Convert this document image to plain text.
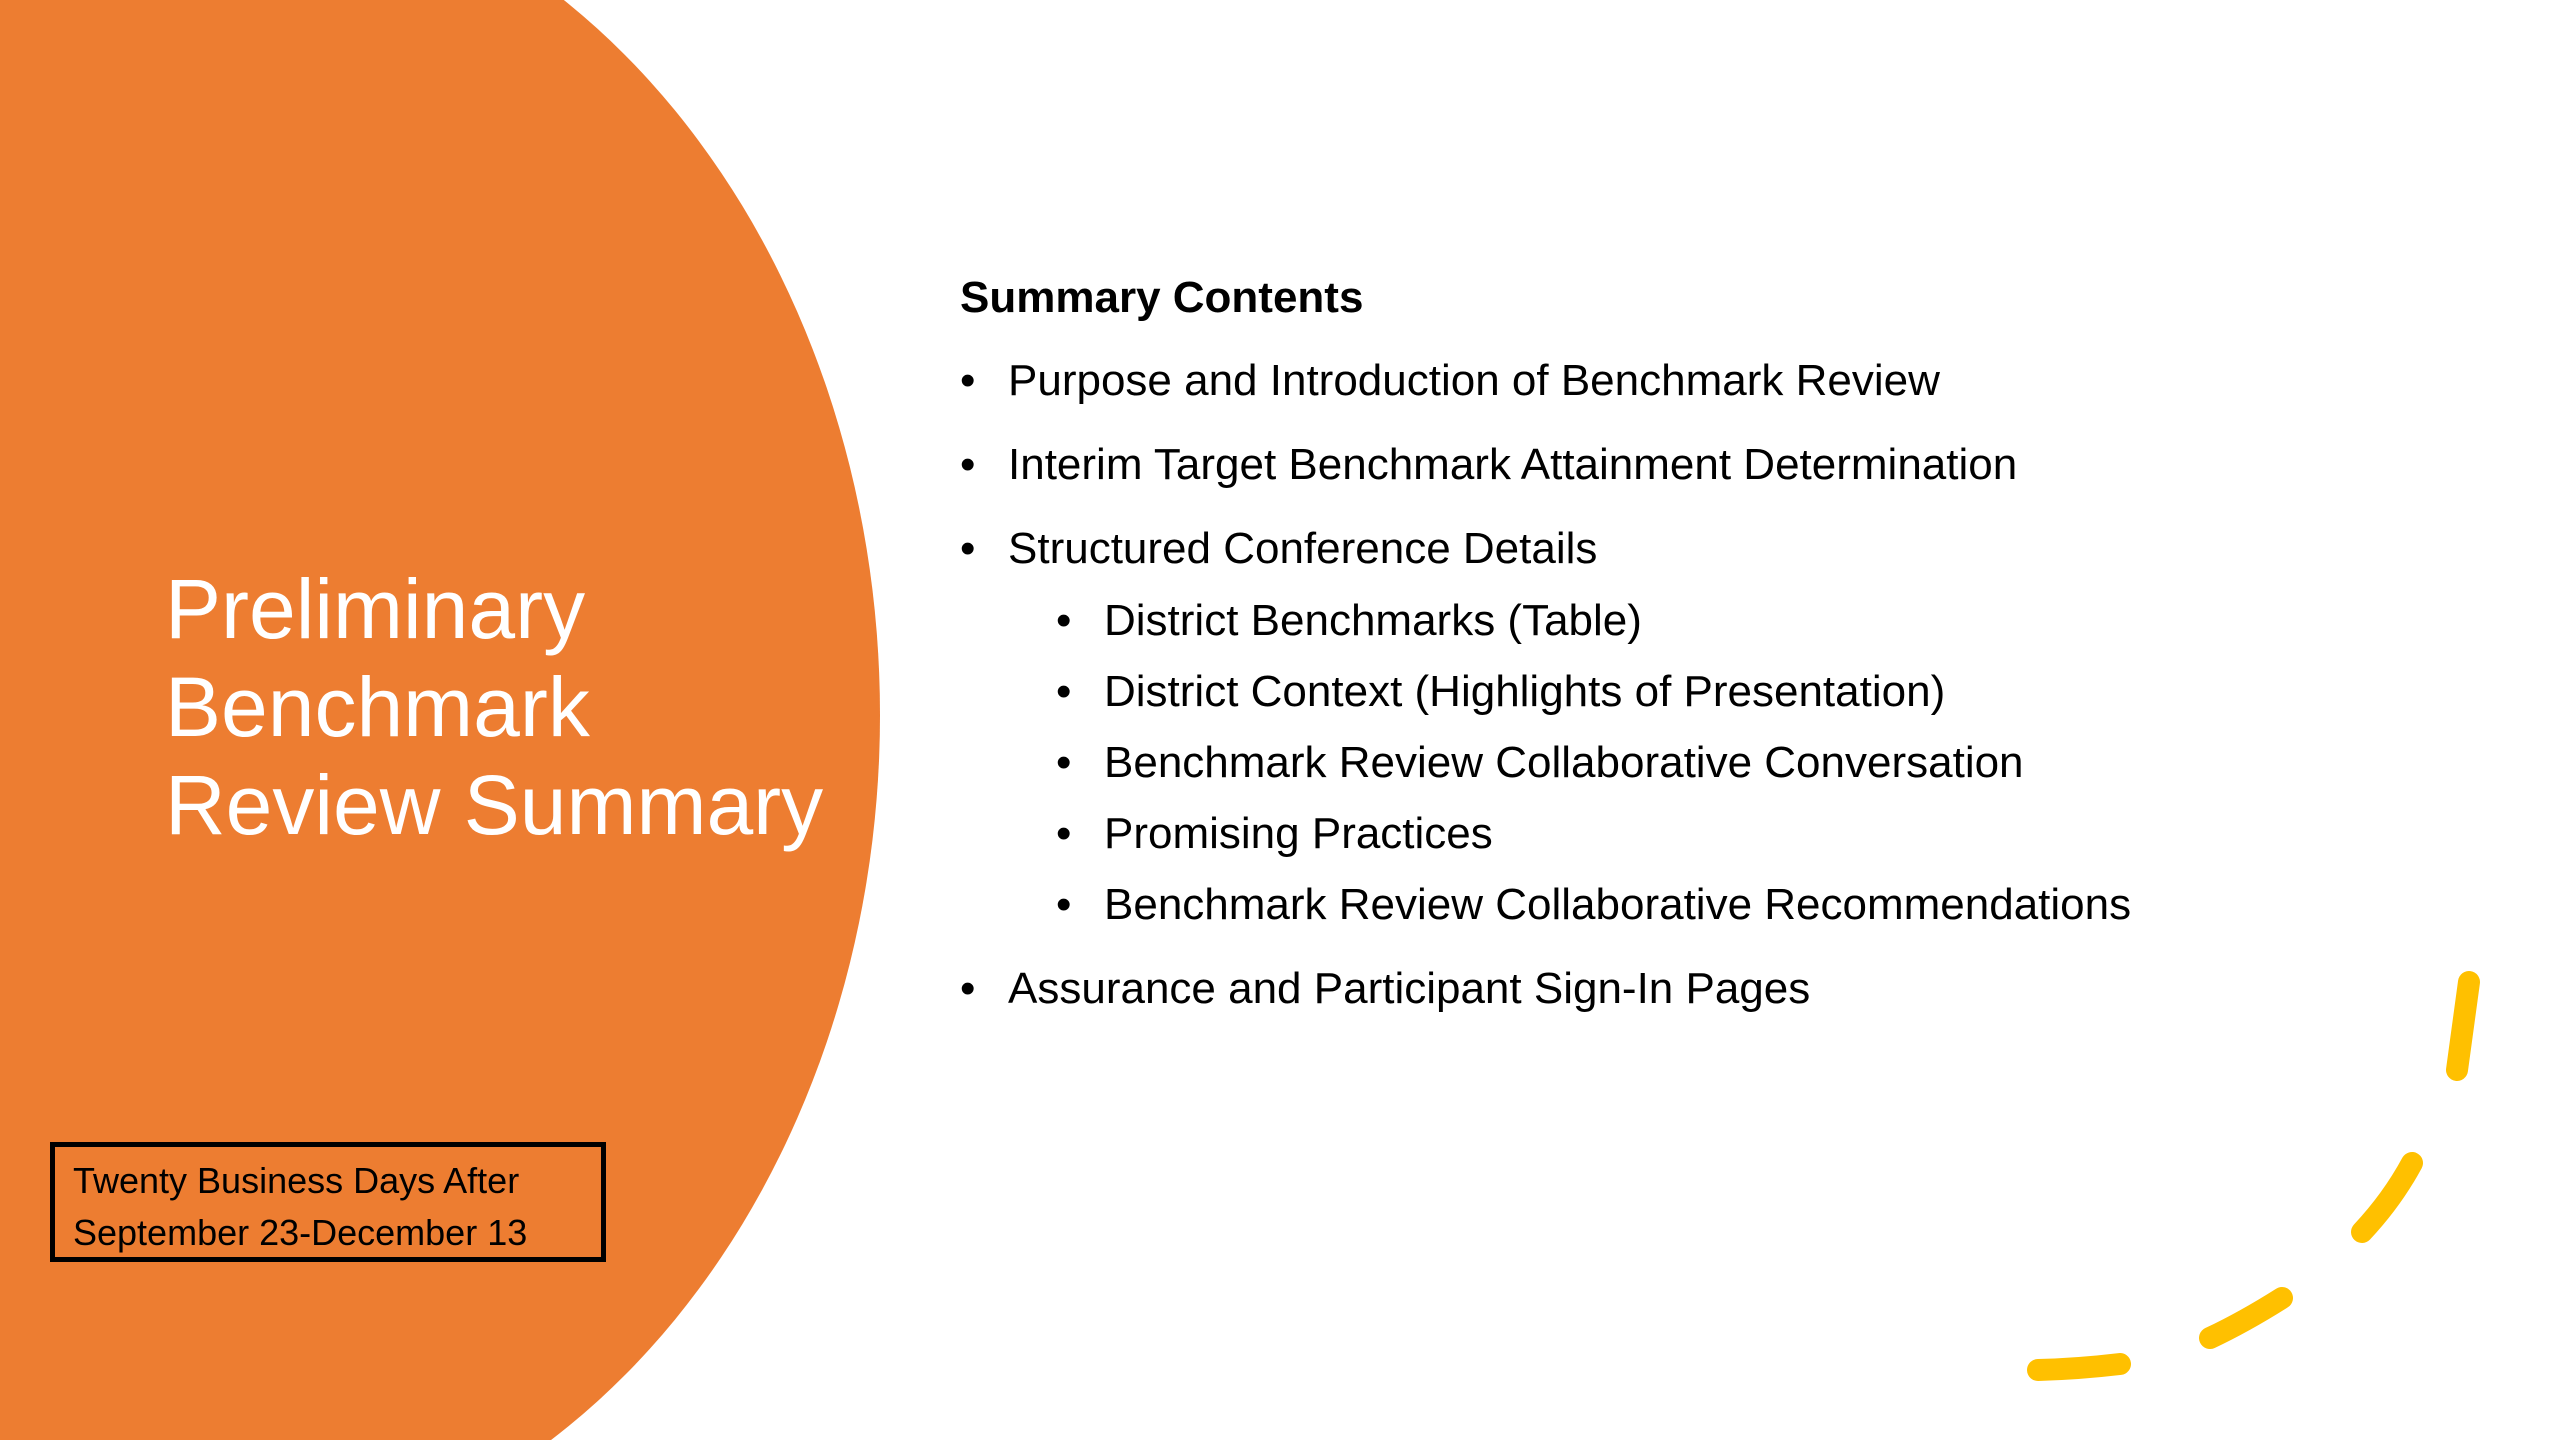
Preliminary
Benchmark
Review Summary
Twenty Business Days After
September 23-December 13
Summary Contents
• Purpose and Introduction of Benchmark Review
• Interim Target Benchmark Attainment Determination
• Structured Conference Details
• District Benchmarks (Table)
• District Context (Highlights of Presentation)
• Benchmark Review Collaborative Conversation
• Promising Practices
• Benchmark Review Collaborative Recommendations
• Assurance and Participant Sign-In Pages
